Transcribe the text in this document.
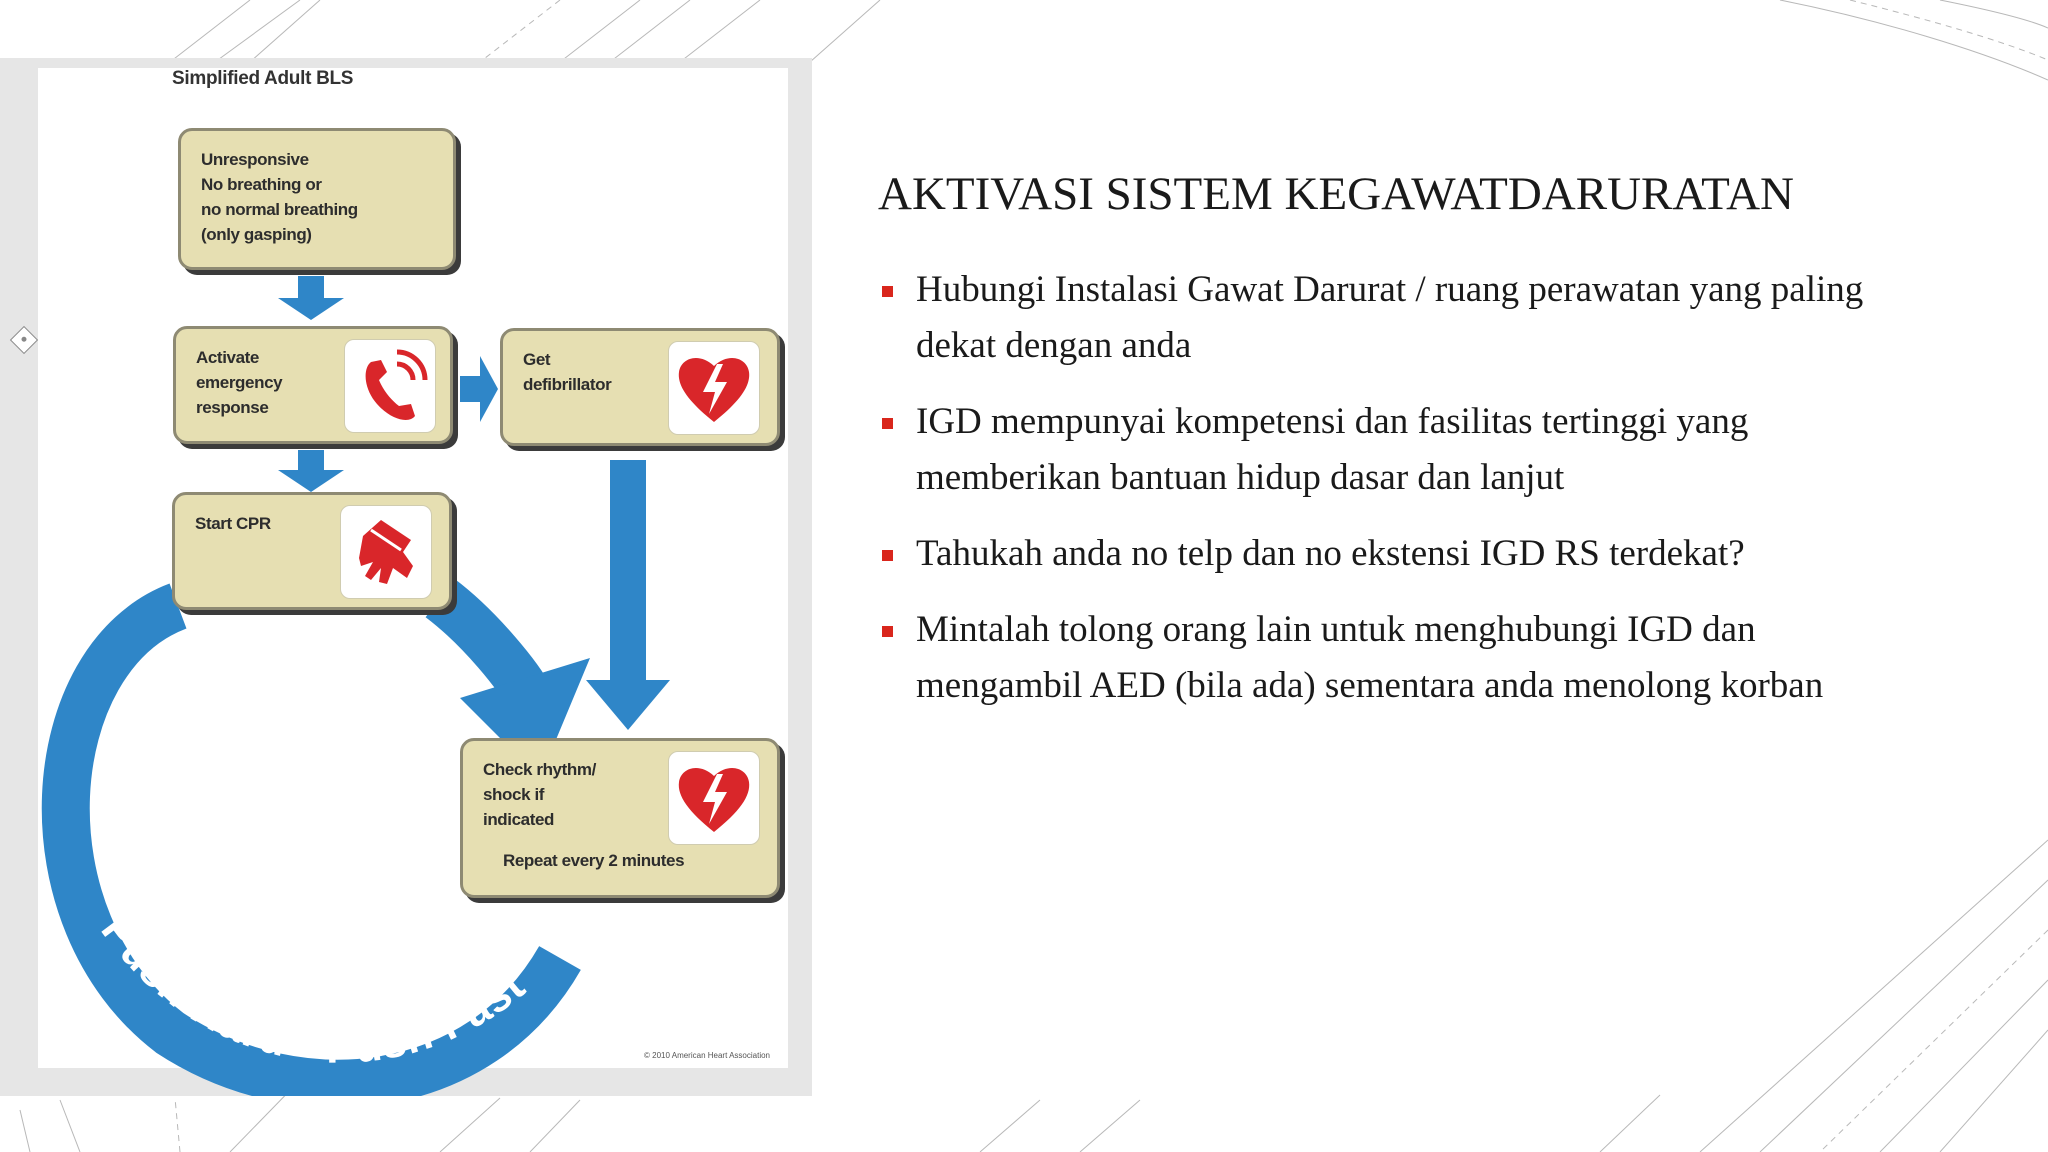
Simplified Adult BLS
Push Hard • Push Fast
Unresponsive
No breathing or
no normal breathing
(only gasping)
Activate
emergency
response
Get
defibrillator
Start CPR
Check rhythm/
shock if
indicated
Repeat every 2 minutes
© 2010 American Heart Association
AKTIVASI SISTEM KEGAWATDARURATAN
Hubungi Instalasi Gawat Darurat / ruang perawatan yang paling dekat dengan anda
IGD mempunyai kompetensi dan fasilitas tertinggi yang memberikan bantuan hidup dasar dan lanjut
Tahukah anda no telp dan no ekstensi IGD RS terdekat?
Mintalah tolong orang lain untuk menghubungi IGD dan mengambil AED (bila ada) sementara anda menolong korban
